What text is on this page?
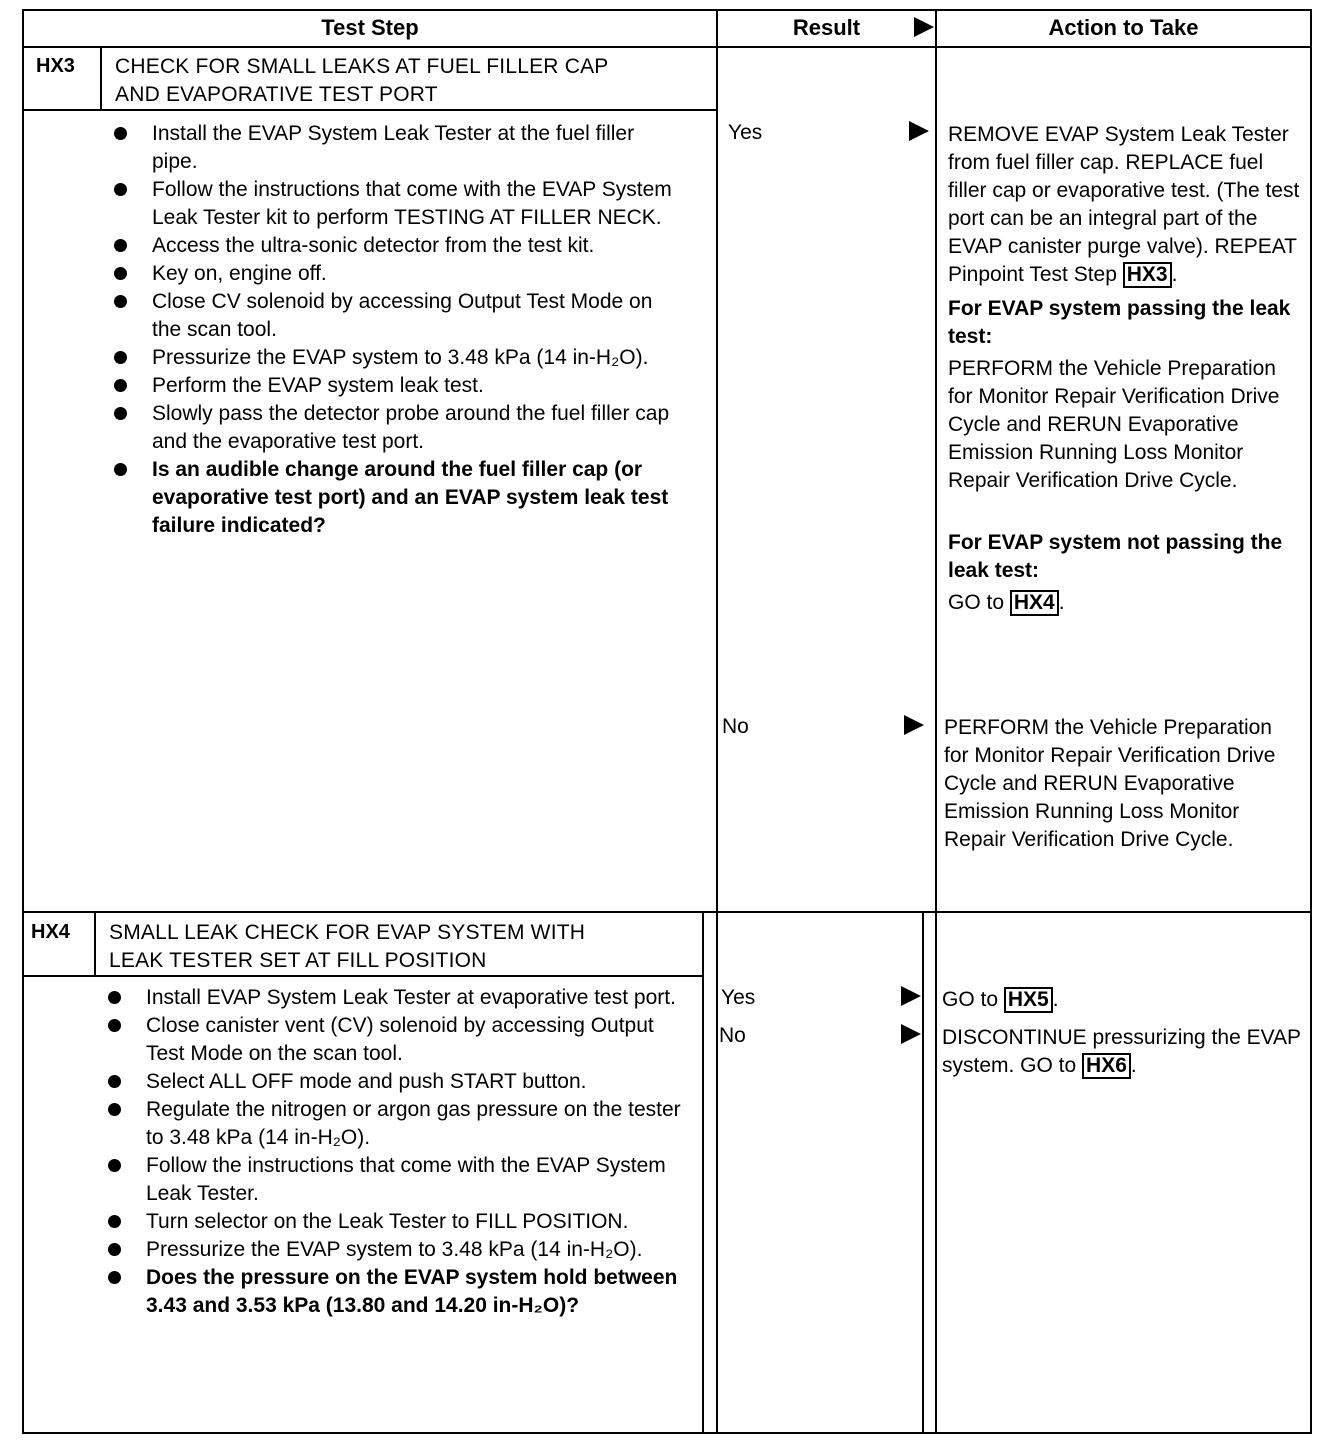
Test Step	Result	Action to Take
HX3 CHECK FOR SMALL LEAKS AT FUEL FILLER CAP
AND EVAPORATIVE TEST PORT
Install the EVAP System Leak Tester at the fuel filler pipe.
Follow the instructions that come with the EVAP System Leak Tester kit to perform TESTING AT FILLER NECK.
Access the ultra-sonic detector from the test kit.
Key on, engine off.
Close CV solenoid by accessing Output Test Mode on the scan tool.
Pressurize the EVAP system to 3.48 kPa (14 in-H₂O).
Perform the EVAP system leak test.
Slowly pass the detector probe around the fuel filler cap and the evaporative test port.
Is an audible change around the fuel filler cap (or evaporative test port) and an EVAP system leak test failure indicated?
Yes	REMOVE EVAP System Leak Tester from fuel filler cap. REPLACE fuel filler cap or evaporative test. (The test port can be an integral part of the EVAP canister purge valve). REPEAT Pinpoint Test Step HX3 .

For EVAP system passing the leak test:

PERFORM the Vehicle Preparation for Monitor Repair Verification Drive Cycle and RERUN Evaporative Emission Running Loss Monitor Repair Verification Drive Cycle.

For EVAP system not passing the leak test:

GO to HX4 .

No	PERFORM the Vehicle Preparation for Monitor Repair Verification Drive Cycle and RERUN Evaporative Emission Running Loss Monitor Repair Verification Drive Cycle.
HX4 SMALL LEAK CHECK FOR EVAP SYSTEM WITH
LEAK TESTER SET AT FILL POSITION
Install EVAP System Leak Tester at evaporative test port.
Close canister vent (CV) solenoid by accessing Output Test Mode on the scan tool.
Select ALL OFF mode and push START button.
Regulate the nitrogen or argon gas pressure on the tester to 3.48 kPa (14 in-H₂O).
Follow the instructions that come with the EVAP System Leak Tester.
Turn selector on the Leak Tester to FILL POSITION.
Pressurize the EVAP system to 3.48 kPa (14 in-H₂O).
Does the pressure on the EVAP system hold between 3.43 and 3.53 kPa (13.80 and 14.20 in-H₂O)?
Yes	GO to HX5 .
No	DISCONTINUE pressurizing the EVAP system. GO to HX6 .
